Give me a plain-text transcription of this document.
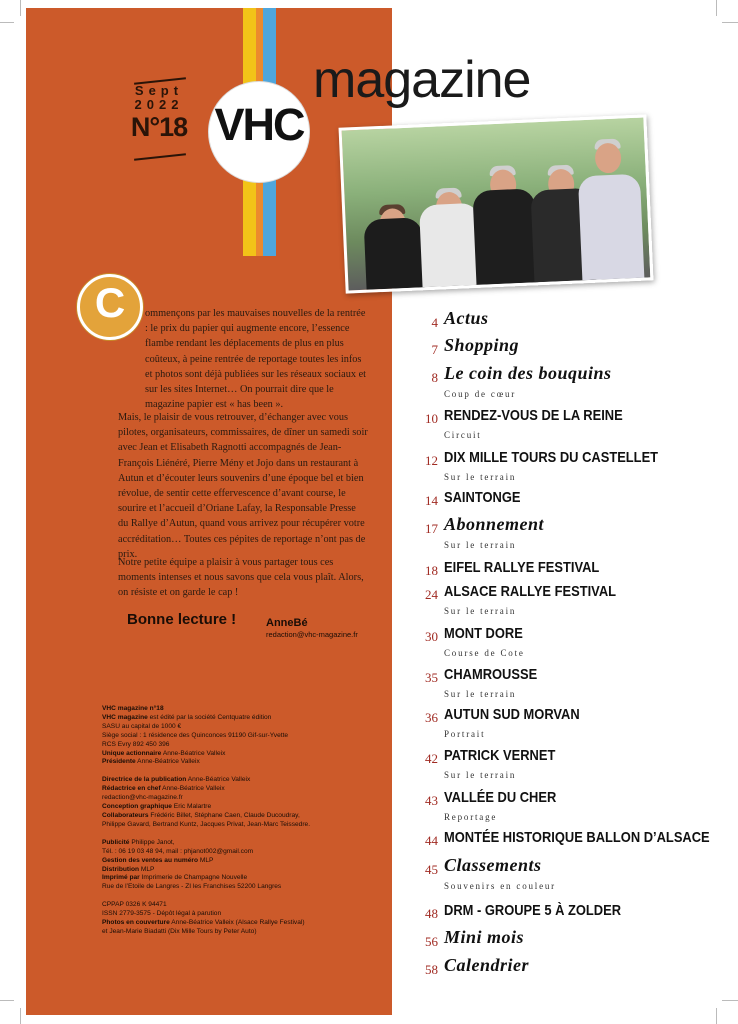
Sept
2022
N°18 VHC
magazine
C	ommençons par les mauvaises nouvelles de la rentrée : le prix du papier qui augmente encore, l’essence flambe rendant les déplacements de plus en plus coûteux, à peine rentrée de reportage toutes les infos et photos sont déjà publiées sur les réseaux sociaux et sur les sites Internet… On pourrait dire que le magazine papier est « has been ».

Mais, le plaisir de vous retrouver, d’échanger avec vous pilotes, organisateurs, commissaires, de dîner un samedi soir avec Jean et Elisabeth Ragnotti accompagnés de Jean-François Liénéré, Pierre Mény et Jojo dans un restaurant à Autun et d’écouter leurs souvenirs d’une époque bel et bien révolue, de sentir cette effervescence d’avant course, le sourire et l’accueil d’Oriane Lafay, la Responsable Presse du Rallye d’Autun, quand vous arrivez pour récupérer votre accréditation… Toutes ces pépites de reportage n’ont pas de prix.

Notre petite équipe a plaisir à vous partager tous ces moments intenses et nous savons que cela vous plaît. Alors, on résiste et on garde le cap !

Bonne lecture !	AnneBé
redaction@vhc-magazine.fr
VHC magazine n°18
VHC magazine est édité par la société Centquatre édition
SASU au capital de 1000 €
Siège social : 1 résidence des Quinconces 91190 Gif-sur-Yvette
RCS Evry 892 450 396
Unique actionnaire Anne-Béatrice Valleix
Présidente Anne-Béatrice Valleix
Directrice de la publication Anne-Béatrice Valleix
Rédactrice en chef Anne-Béatrice Valleix
redaction@vhc-magazine.fr
Conception graphique Eric Malartre
Collaborateurs Frédéric Billet, Stéphane Caen, Claude Ducoudray,
Philippe Gavard, Bertrand Kuntz, Jacques Privat, Jean-Marc Teissedre.
Publicité Philippe Janot,
Tél. : 06 19 03 48 94, mail : phjanot002@gmail.com
Gestion des ventes au numéro MLP
Distribution MLP
Imprimé par Imprimerie de Champagne Nouvelle
Rue de l’Etoile de Langres - ZI les Franchises 52200 Langres
CPPAP 0326 K 94471
ISSN 2779-3575 - Dépôt légal à parution
Photos en couverture Anne-Béatrice Valleix (Alsace Rallye Festival)
et Jean-Marie Biadatti (Dix Mille Tours by Peter Auto)
4 Actus
7 Shopping
8 Le coin des bouquins
Coup de cœur
10 RENDEZ-VOUS DE LA REINE
Circuit
12 DIX MILLE TOURS DU CASTELLET
Sur le terrain
14 SAINTONGE
17 Abonnement
Sur le terrain
18 EIFEL RALLYE FESTIVAL
24 ALSACE RALLYE FESTIVAL
Sur le terrain
30 MONT DORE
Course de Cote
35 CHAMROUSSE
Sur le terrain
36 AUTUN SUD MORVAN
Portrait
42 PATRICK VERNET
Sur le terrain
43 VALLÉE DU CHER
Reportage
44 MONTÉE HISTORIQUE BALLON D’ALSACE
45 Classements
Souvenirs en couleur
48 DRM - GROUPE 5 À ZOLDER
56 Mini mois
58 Calendrier
